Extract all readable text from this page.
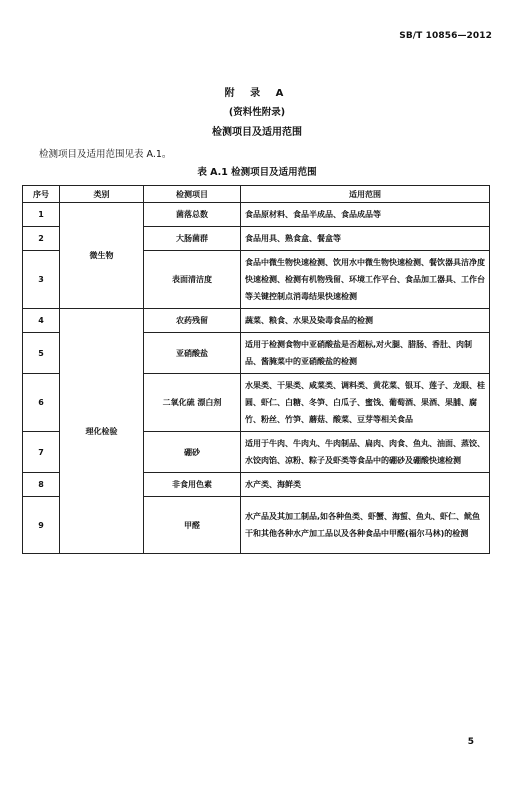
SB/T 10856—2012
附 录 A
(资料性附录)
检测项目及适用范围
检测项目及适用范围见表 A.1。
表 A.1 检测项目及适用范围
序号	类别	检测项目	适用范围
1	微生物	菌落总数	食品原材料、食品半成品、食品成品等
2		大肠菌群	食品用具、熟食盒、餐盒等
3		表面清洁度	食品中微生物快速检测、饮用水中微生物快速检测、餐饮器具洁净度快速检测、检测有机物残留、环境工作平台、食品加工器具、工作台等关键控制点消毒结果快速检测
4	理化检验	农药残留	蔬菜、粮食、水果及染毒食品的检测
5		亚硝酸盐	适用于检测食物中亚硝酸盐是否超标,对火腿、腊肠、香肚、肉制品、酱腌菜中的亚硝酸盐的检测
6		二氧化硫 漂白剂	水果类、干果类、咸菜类、调料类、黄花菜、银耳、莲子、龙眼、桂圆、虾仁、白糖、冬笋、白瓜子、蜜饯、葡萄酒、果酒、果脯、腐竹、粉丝、竹笋、蘑菇、酸菜、豆芽等相关食品
7		硼砂	适用于牛肉、牛肉丸、牛肉制品、扁肉、肉食、鱼丸、油面、蒸饺、水饺肉馅、凉粉、粽子及虾类等食品中的硼砂及硼酸快速检测
8		非食用色素	水产类、海鲜类
9		甲醛	水产品及其加工制品,如各种鱼类、虾蟹、海蜇、鱼丸、虾仁、鱿鱼干和其他各种水产加工品以及各种食品中甲醛(福尔马林)的检测
5
